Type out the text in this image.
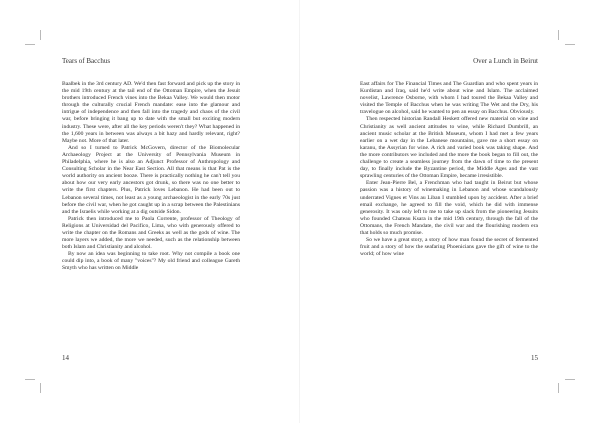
Tears of Bacchus

Baalbek in the 3rd century AD. We'd then fast forward and pick up the story in the mid 19th century at the tail end of the Ottoman Empire, when the Jesuit brothers introduced French vines into the Bekaa Valley. We would then motor through the culturally crucial French mandate: ease into the glamour and intrigue of independence and then fall into the tragedy and chaos of the civil war, before bringing it bang up to date with the small but exciting modern industry. These were, after all the key periods weren't they? What happened in the 1,600 years in between was always a bit hazy and hardly relevant, right? Maybe not. More of that later.

And so I turned to Patrick McGovern, director of the Biomolecular Archaeology Project at the University of Pennsylvania Museum in Philadelphia, where he is also an Adjunct Professor of Anthropology and Consulting Scholar in the Near East Section. All that means is that Pat is the world authority on ancient booze. There is practically nothing he can't tell you about how our very early ancestors got drunk, so there was no one better to write the first chapters. Plus, Patrick loves Lebanon. He had been out to Lebanon several times, not least as a young archaeologist in the early 70s just before the civil war, when he got caught up in a scrap between the Palestinians and the Israelis while working at a dig outside Sidon.

Patrick then introduced me to Paola Corrente, professor of Theology of Religions at Universidad del Pacifico, Lima, who with generously offered to write the chapter on the Romans and Greeks as well as the gods of wine. The more layers we added, the more we needed, such as the relationship between both Islam and Christianity and alcohol.

By now an idea was beginning to take root. Why not compile a book one could dip into, a book of many "voices"? My old friend and colleague Gareth Smyth who has written on Middle

14
Over a Lunch in Beirut

East affairs for The Financial Times and The Guardian and who spent years in Kurdistan and Iraq, said he'd write about wine and Islam. The acclaimed novelist, Lawrence Osborne, with whom I had toured the Bekaa Valley and visited the Temple of Bacchus when he was writing The Wet and the Dry, his travelogue on alcohol, said he wanted to pen an essay on Bacchus. Obviously.

Then respected historian Randall Heskett offered new material on wine and Christianity as well ancient attitudes to wine, while Richard Dumbrill, an ancient music scholar at the British Museum, whom I had met a few years earlier on a wet day in the Lebanese mountains, gave me a short essay on karanu, the Assyrian for wine. A rich and varied book was taking shape. And the more contributors we included and the more the book began to fill out, the challenge to create a seamless journey from the dawn of time to the present day, to finally include the Byzantine period, the Middle Ages and the vast sprawling centuries of the Ottoman Empire, became irresistible.

Enter Jean-Pierre Bel, a Frenchman who had taught in Beirut but whose passion was a history of winemaking in Lebanon and whose scandalously underrated Vignes et Vins au Liban I stumbled upon by accident. After a brief email exchange, he agreed to fill the void, which he did with immense generosity. It was only left to me to take up slack from the pioneering Jesuits who founded Chateau Ksara in the mid 19th century, through the fall of the Ottomans, the French Mandate, the civil war and the flourishing modern era that holds so much promise.

So we have a great story, a story of how man found the secret of fermented fruit and a story of how the seafaring Phoenicians gave the gift of wine to the world; of how wine

15
